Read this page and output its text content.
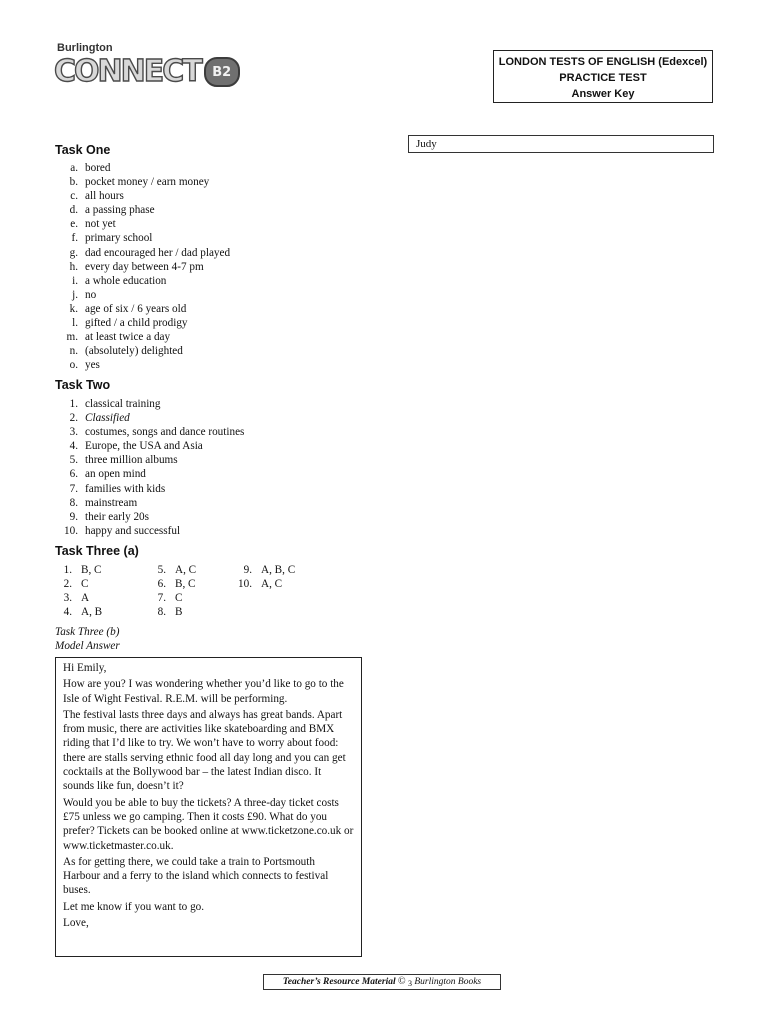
Burlington
CONNECT B2
LONDON TESTS OF ENGLISH (Edexcel)
PRACTICE TEST
Answer Key
Judy
Task One
a. bored
b. pocket money / earn money
c. all hours
d. a passing phase
e. not yet
f. primary school
g. dad encouraged her / dad played
h. every day between 4-7 pm
i. a whole education
j. no
k. age of six / 6 years old
l. gifted / a child prodigy
m. at least twice a day
n. (absolutely) delighted
o. yes
Task Two
1. classical training
2. Classified
3. costumes, songs and dance routines
4. Europe, the USA and Asia
5. three million albums
6. an open mind
7. families with kids
8. mainstream
9. their early 20s
10. happy and successful
Task Three (a)
1. B, C
2. C
3. A
4. A, B
5. A, C
6. B, C
7. C
8. B
9. A, B, C
10. A, C
Task Three (b)
Model Answer

Hi Emily,

How are you? I was wondering whether you’d like to go to the Isle of Wight Festival. R.E.M. will be performing.

The festival lasts three days and always has great bands. Apart from music, there are activities like skateboarding and BMX riding that I’d like to try. We won’t have to worry about food: there are stalls serving ethnic food all day long and you can get cocktails at the Bollywood bar – the latest Indian disco. It sounds like fun, doesn’t it?

Would you be able to buy the tickets? A three-day ticket costs £75 unless we go camping. Then it costs £90. What do you prefer? Tickets can be booked online at www.ticketzone.co.uk or www.ticketmaster.co.uk.

As for getting there, we could take a train to Portsmouth Harbour and a ferry to the island which connects to festival buses.

Let me know if you want to go.

Love,

Teacher’s Resource Material © $_3$ Burlington Books
